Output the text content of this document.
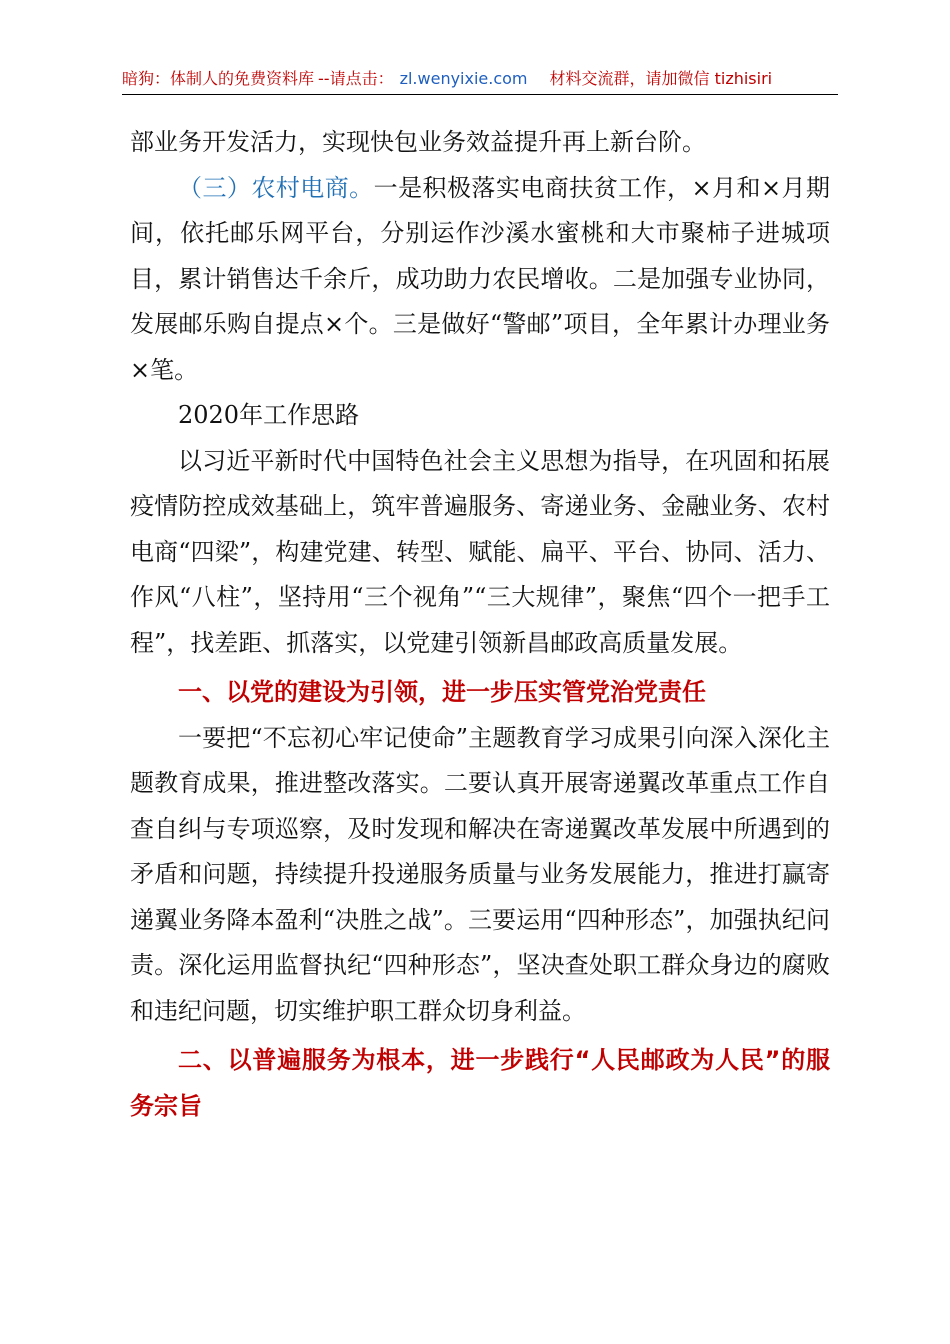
暗狗：体制人的免费资料库 --请点击： zl.wenyixie.com 材料交流群，请加微信 tizhisiri

部业务开发活力，实现快包业务效益提升再上新台阶。

（三）农村电商。一是积极落实电商扶贫工作，×月和×月期间，依托邮乐网平台，分别运作沙溪水蜜桃和大市聚柿子进城项目，累计销售达千余斤，成功助力农民增收。二是加强专业协同，发展邮乐购自提点×个。三是做好“警邮”项目，全年累计办理业务×笔。

2020年工作思路

以习近平新时代中国特色社会主义思想为指导，在巩固和拓展疫情防控成效基础上，筑牢普遍服务、寄递业务、金融业务、农村电商“四梁”，构建党建、转型、赋能、扁平、平台、协同、活力、作风“八柱”，坚持用“三个视角”“三大规律”，聚焦“四个一把手工程”，找差距、抓落实，以党建引领新昌邮政高质量发展。

一、以党的建设为引领，进一步压实管党治党责任

一要把“不忘初心牢记使命”主题教育学习成果引向深入深化主题教育成果，推进整改落实。二要认真开展寄递翼改革重点工作自查自纠与专项巡察，及时发现和解决在寄递翼改革发展中所遇到的矛盾和问题，持续提升投递服务质量与业务发展能力，推进打赢寄递翼业务降本盈利“决胜之战”。三要运用“四种形态”，加强执纪问责。深化运用监督执纪“四种形态”，坚决查处职工群众身边的腐败和违纪问题，切实维护职工群众切身利益。

二、以普遍服务为根本，进一步践行“人民邮政为人民”的服务宗旨
